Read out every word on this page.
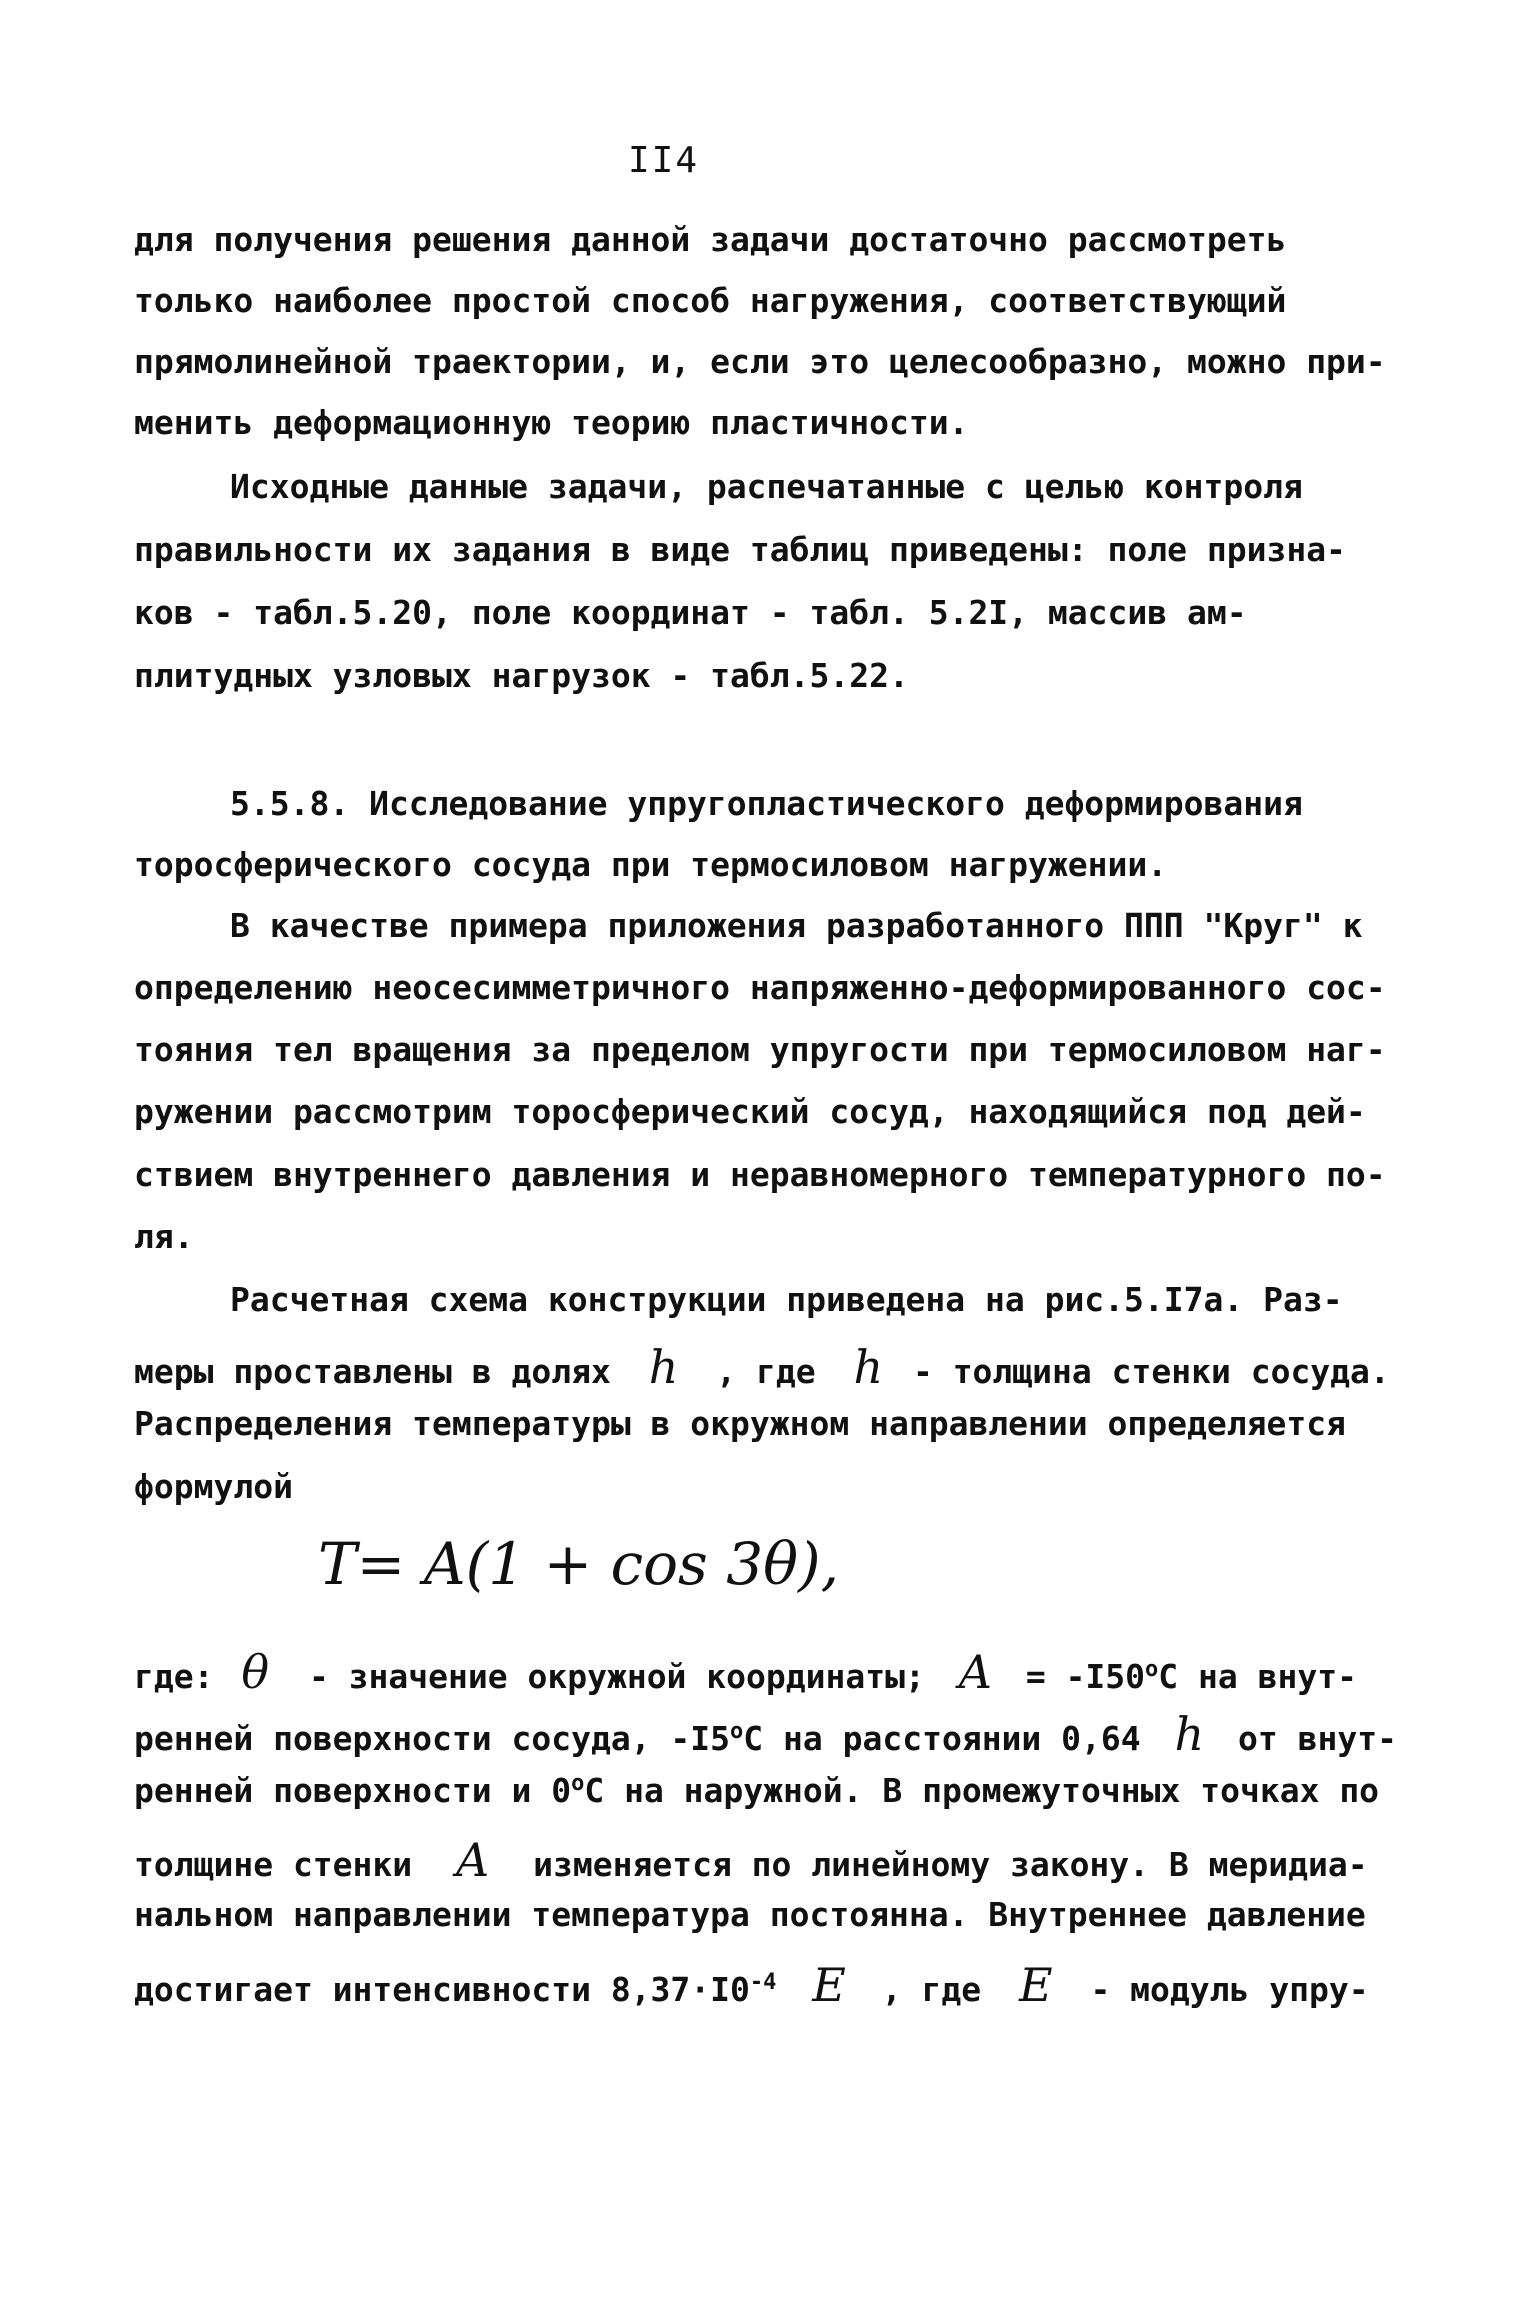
II4
для получения решения данной задачи достаточно рассмотреть
только наиболее простой способ нагружения, соответствующий
прямолинейной траектории, и, если это целесообразно, можно при-
менить деформационную теорию пластичности.
Исходные данные задачи, распечатанные с целью контроля
правильности их задания в виде таблиц приведены: поле призна-
ков - табл.5.20, поле координат - табл. 5.2I, массив ам-
плитудных узловых нагрузок - табл.5.22.
5.5.8. Исследование упругопластического деформирования
торосферического сосуда при термосиловом нагружении.
В качестве примера приложения разработанного ППП "Круг" к
определению неосесимметричного напряженно-деформированного сос-
тояния тел вращения за пределом упругости при термосиловом наг-
ружении рассмотрим торосферический сосуд, находящийся под дей-
ствием внутреннего давления и неравномерного температурного по-
ля.
Расчетная схема конструкции приведена на рис.5.I7а. Раз-
меры проставлены в долях h , где h - толщина стенки сосуда.
Распределения температуры в окружном направлении определяется
формулой
T= A(1 + cos 3θ),
где: θ - значение окружной координаты; $A = -I50^oC$ на внут-
ренней поверхности сосуда, -I5$^o$C на расстоянии 0,64 h от внут-
ренней поверхности и 0$^o$C на наружной. В промежуточных точках по
толщине стенки A изменяется по линейному закону. В меридиа-
нальном направлении температура постоянна. Внутреннее давление
достигает интенсивности $8,37\cdot I0^{-4}$ E , где E - модуль упру-
